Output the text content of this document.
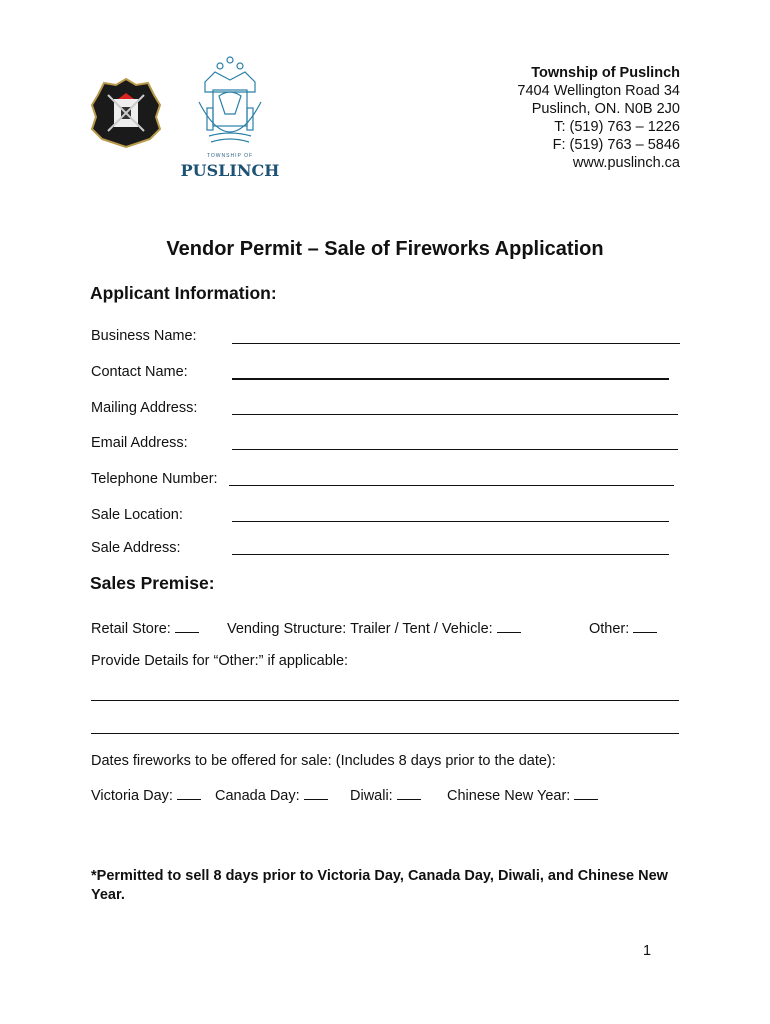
TOWNSHIP OF
PUSLINCH
Township of Puslinch
7404 Wellington Road 34
Puslinch, ON. N0B 2J0
T: (519) 763 – 1226
F: (519) 763 – 5846
www.puslinch.ca
Vendor Permit – Sale of Fireworks Application
Applicant Information:
Business Name:
Contact Name:
Mailing Address:
Email Address:
Telephone Number:
Sale Location:
Sale Address:
Sales Premise:
Retail Store:	Vending Structure: Trailer / Tent / Vehicle:	Other:
Provide Details for “Other:” if applicable:
Dates fireworks to be offered for sale: (Includes 8 days prior to the date):
Victoria Day:	Canada Day:	Diwali:	Chinese New Year:
*Permitted to sell 8 days prior to Victoria Day, Canada Day, Diwali, and Chinese New Year.
1
